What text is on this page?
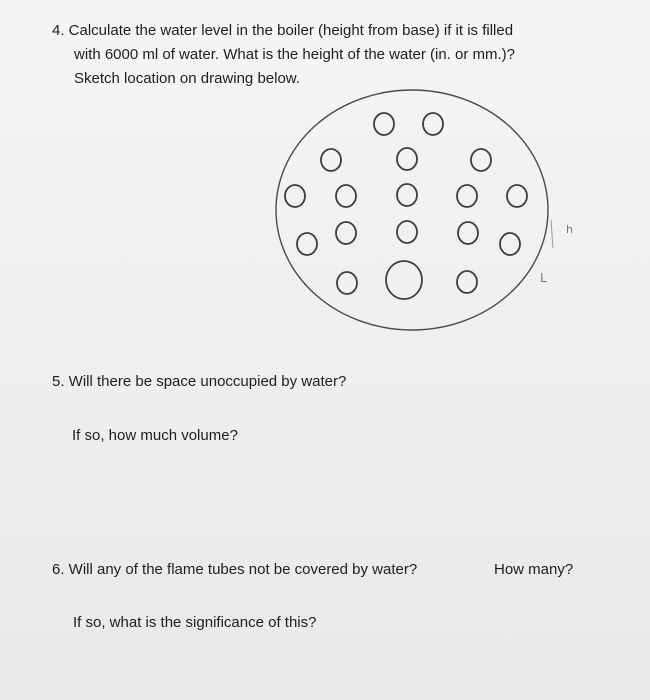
4. Calculate the water level in the boiler (height from base) if it is filled
with 6000 ml of water. What is the height of the water (in. or mm.)?
Sketch location on drawing below.
h
L
5. Will there be space unoccupied by water?
If so, how much volume?
6. Will any of the flame tubes not be covered by water?	How many?
If so, what is the significance of this?
